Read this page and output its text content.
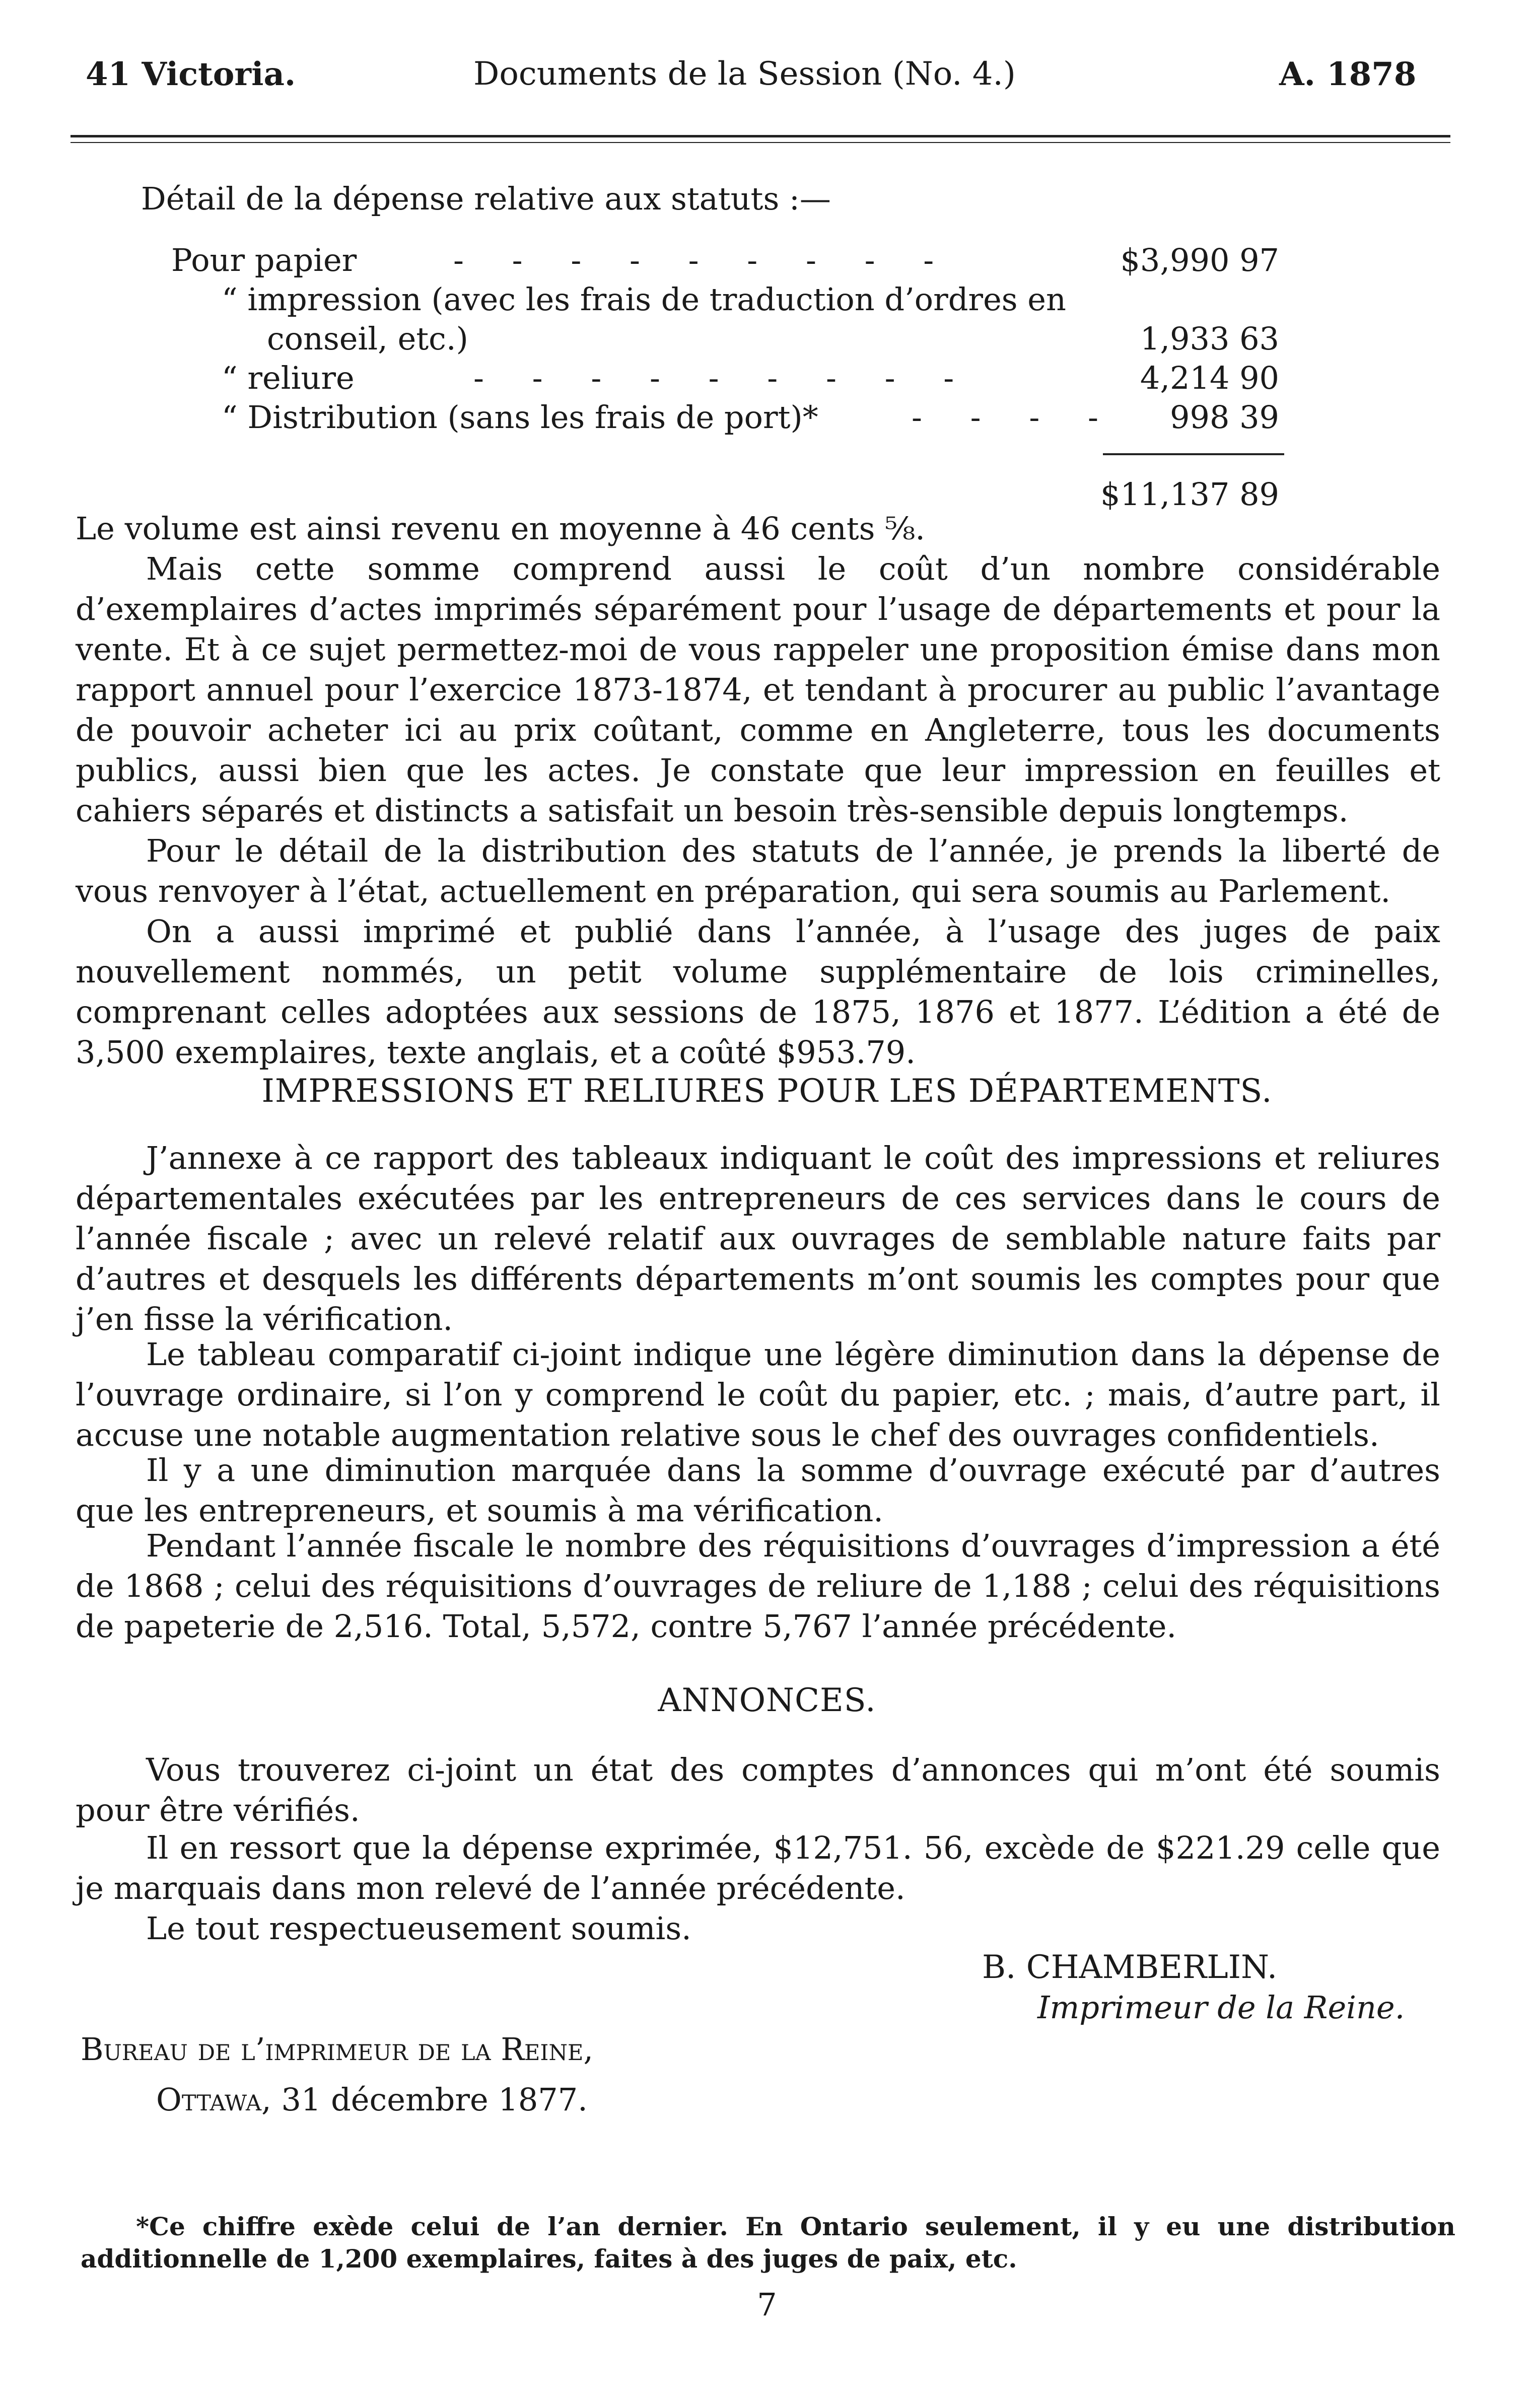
41 Victoria.	Documents de la Session (No. 4.)	A. 1878
Détail de la dépense relative aux statuts :—
Pour papier	- - - - - - - - -	$3,990 97
“ impression (avec les frais de traduction d’ordres en
conseil, etc.)	1,933 63
“ reliure	- - - - - - - - -	4,214 90
“ Distribution (sans les frais de port)*	- - - -	998 39
$11,137 89
Le volume est ainsi revenu en moyenne à 46 cents ⅝.
Mais cette somme comprend aussi le coût d’un nombre considérable d’exemplaires d’actes imprimés séparément pour l’usage de départements et pour la vente. Et à ce sujet permettez-moi de vous rappeler une proposition émise dans mon rapport annuel pour l’exercice 1873-1874, et tendant à procurer au public l’avantage de pouvoir acheter ici au prix coûtant, comme en Angleterre, tous les documents publics, aussi bien que les actes. Je constate que leur impression en feuilles et cahiers séparés et distincts a satisfait un besoin très-sensible depuis longtemps.
Pour le détail de la distribution des statuts de l’année, je prends la liberté de vous renvoyer à l’état, actuellement en préparation, qui sera soumis au Parlement.
On a aussi imprimé et publié dans l’année, à l’usage des juges de paix nouvellement nommés, un petit volume supplémentaire de lois criminelles, comprenant celles adoptées aux sessions de 1875, 1876 et 1877. L’édition a été de 3,500 exemplaires, texte anglais, et a coûté $953.79.
IMPRESSIONS ET RELIURES POUR LES DÉPARTEMENTS.
J’annexe à ce rapport des tableaux indiquant le coût des impressions et reliures départementales exécutées par les entrepreneurs de ces services dans le cours de l’année fiscale ; avec un relevé relatif aux ouvrages de semblable nature faits par d’autres et desquels les différents départements m’ont soumis les comptes pour que j’en fisse la vérification.
Le tableau comparatif ci-joint indique une légère diminution dans la dépense de l’ouvrage ordinaire, si l’on y comprend le coût du papier, etc. ; mais, d’autre part, il accuse une notable augmentation relative sous le chef des ouvrages confidentiels.
Il y a une diminution marquée dans la somme d’ouvrage exécuté par d’autres que les entrepreneurs, et soumis à ma vérification.
Pendant l’année fiscale le nombre des réquisitions d’ouvrages d’impression a été de 1868 ; celui des réquisitions d’ouvrages de reliure de 1,188 ; celui des réquisitions de papeterie de 2,516. Total, 5,572, contre 5,767 l’année précédente.
ANNONCES.
Vous trouverez ci-joint un état des comptes d’annonces qui m’ont été soumis pour être vérifiés.
Il en ressort que la dépense exprimée, $12,751. 56, excède de $221.29 celle que je marquais dans mon relevé de l’année précédente.
Le tout respectueusement soumis.
B. CHAMBERLIN.
Imprimeur de la Reine.
Bureau de l’imprimeur de la Reine,
Ottawa, 31 décembre 1877.
*Ce chiffre exède celui de l’an dernier. En Ontario seulement, il y eu une distribution additionnelle de 1,200 exemplaires, faites à des juges de paix, etc.
7
